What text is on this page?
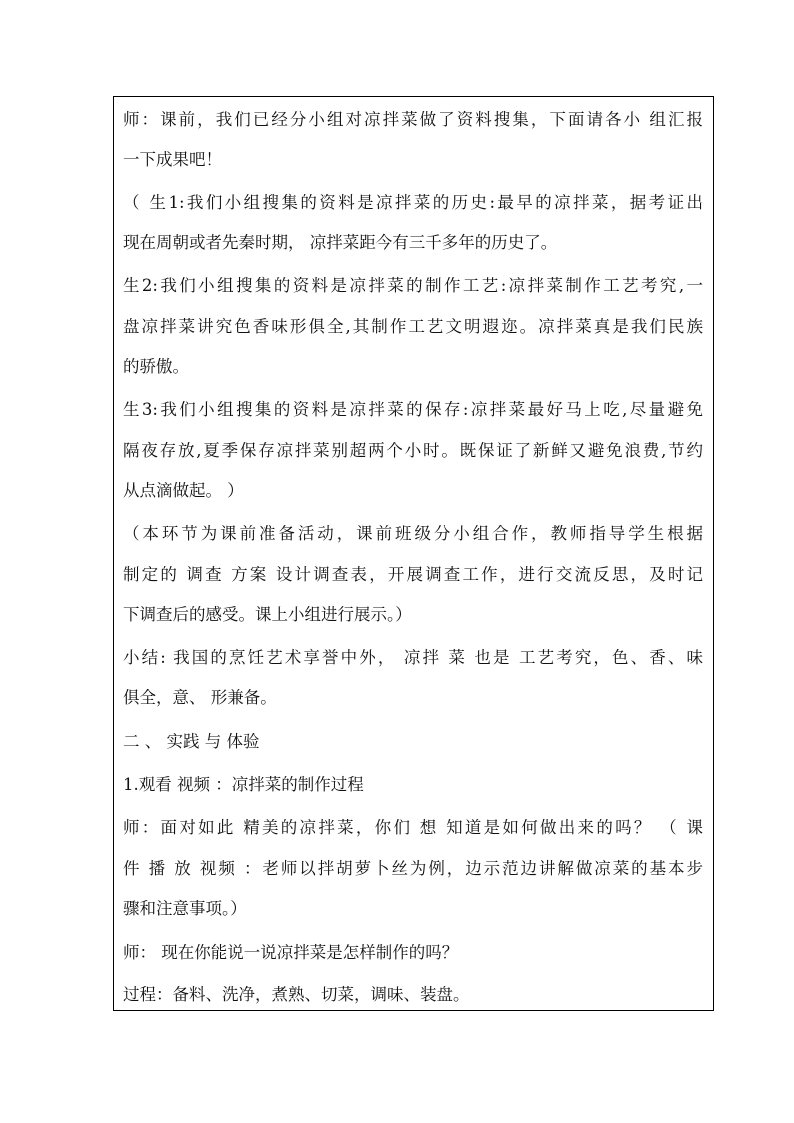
师：课前，我们已经分小组对凉拌菜做了资料搜集，下面请各小 组汇报
一下成果吧！
（ 生1:我们小组搜集的资料是凉拌菜的历史:最早的凉拌菜，据考证出
现在周朝或者先秦时期， 凉拌菜距今有三千多年的历史了。
生2:我们小组搜集的资料是凉拌菜的制作工艺:凉拌菜制作工艺考究,一
盘凉拌菜讲究色香味形俱全,其制作工艺文明遐迩。凉拌菜真是我们民族
的骄傲。
生3:我们小组搜集的资料是凉拌菜的保存:凉拌菜最好马上吃,尽量避免
隔夜存放,夏季保存凉拌菜别超两个小时。既保证了新鲜又避免浪费,节约
从点滴做起。 ）
（本环节为课前准备活动，课前班级分小组合作，教师指导学生根据
制定的 调查 方案 设计调查表，开展调查工作，进行交流反思，及时记
下调查后的感受。课上小组进行展示。）
小结: 我国的烹饪艺术享誉中外， 凉拌 菜 也是 工艺考究，色、香、味
俱全，意、 形兼备。
二 、 实践 与 体验
1.观看 视频 ：凉拌菜的制作过程
师：面对如此 精美的凉拌菜，你们 想 知道是如何做出来的吗？ （ 课
件 播 放 视频 ：老师以拌胡萝卜丝为例，边示范边讲解做凉菜的基本步
骤和注意事项。）
师： 现在你能说一说凉拌菜是怎样制作的吗？
过程：备料、洗净，煮熟、切菜，调味、装盘。
